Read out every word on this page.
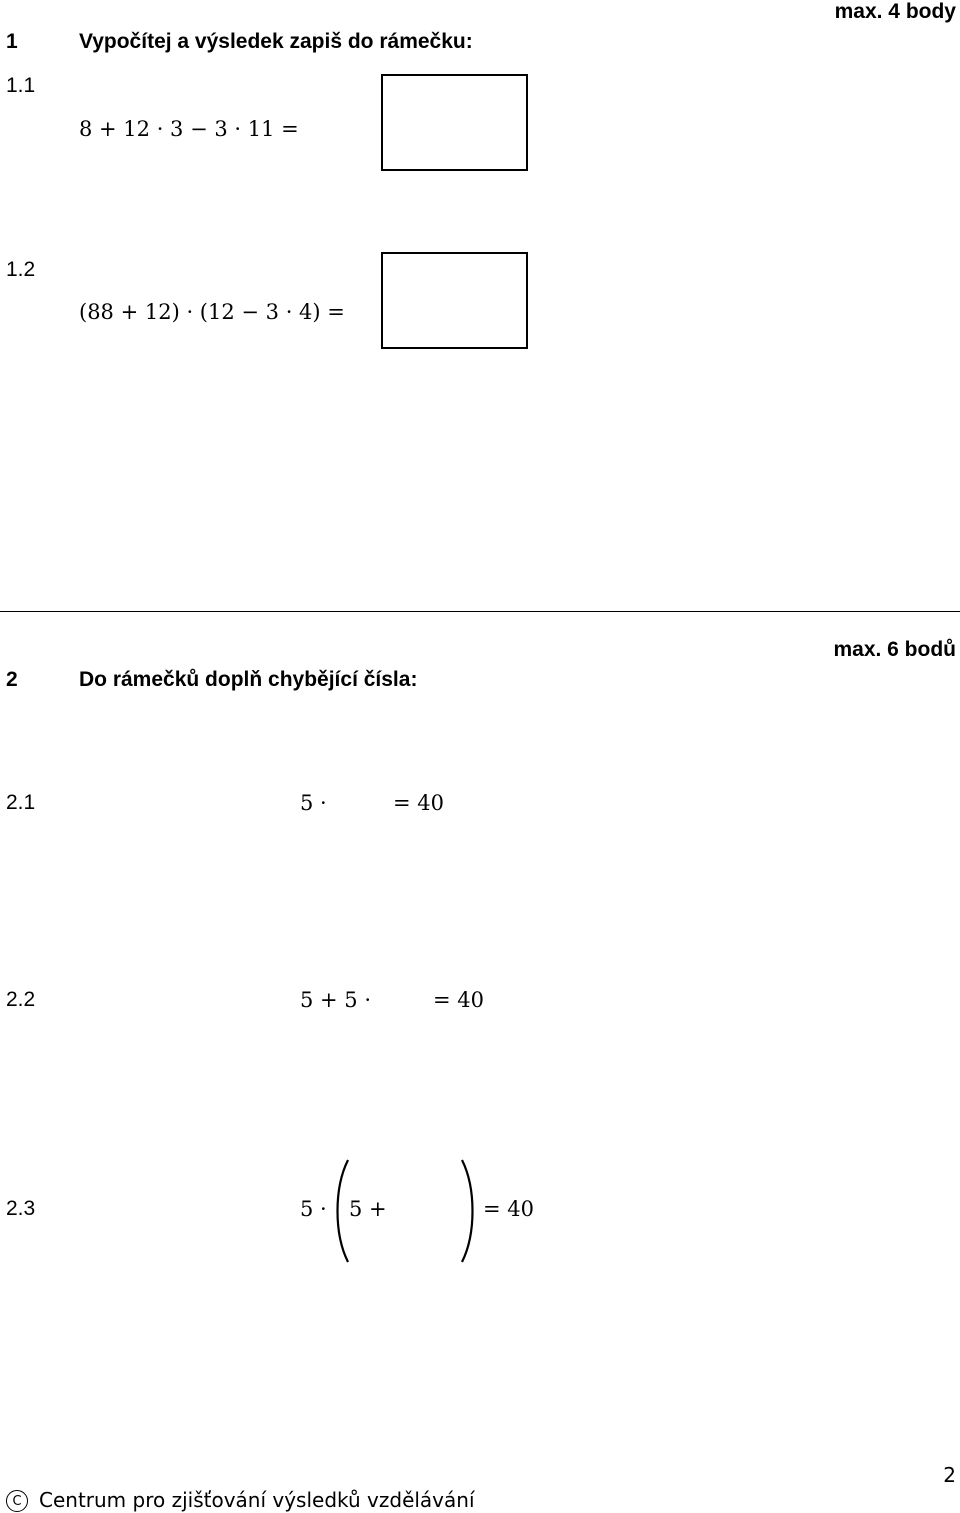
1	Vypočítej a výsledek zapiš do rámečku:
max. 4 body
1.1
8 + 12 · 3 − 3 · 11 =
1.2
(88 + 12) · (12 − 3 · 4) =
2	Do rámečků doplň chybějící čísla:
max. 6 bodů
2.1	5 ·	= 40
2.2	5 + 5 ·	= 40
2.3	5 · 5 +	= 40
C Centrum pro zjišťování výsledků vzdělávání
2
